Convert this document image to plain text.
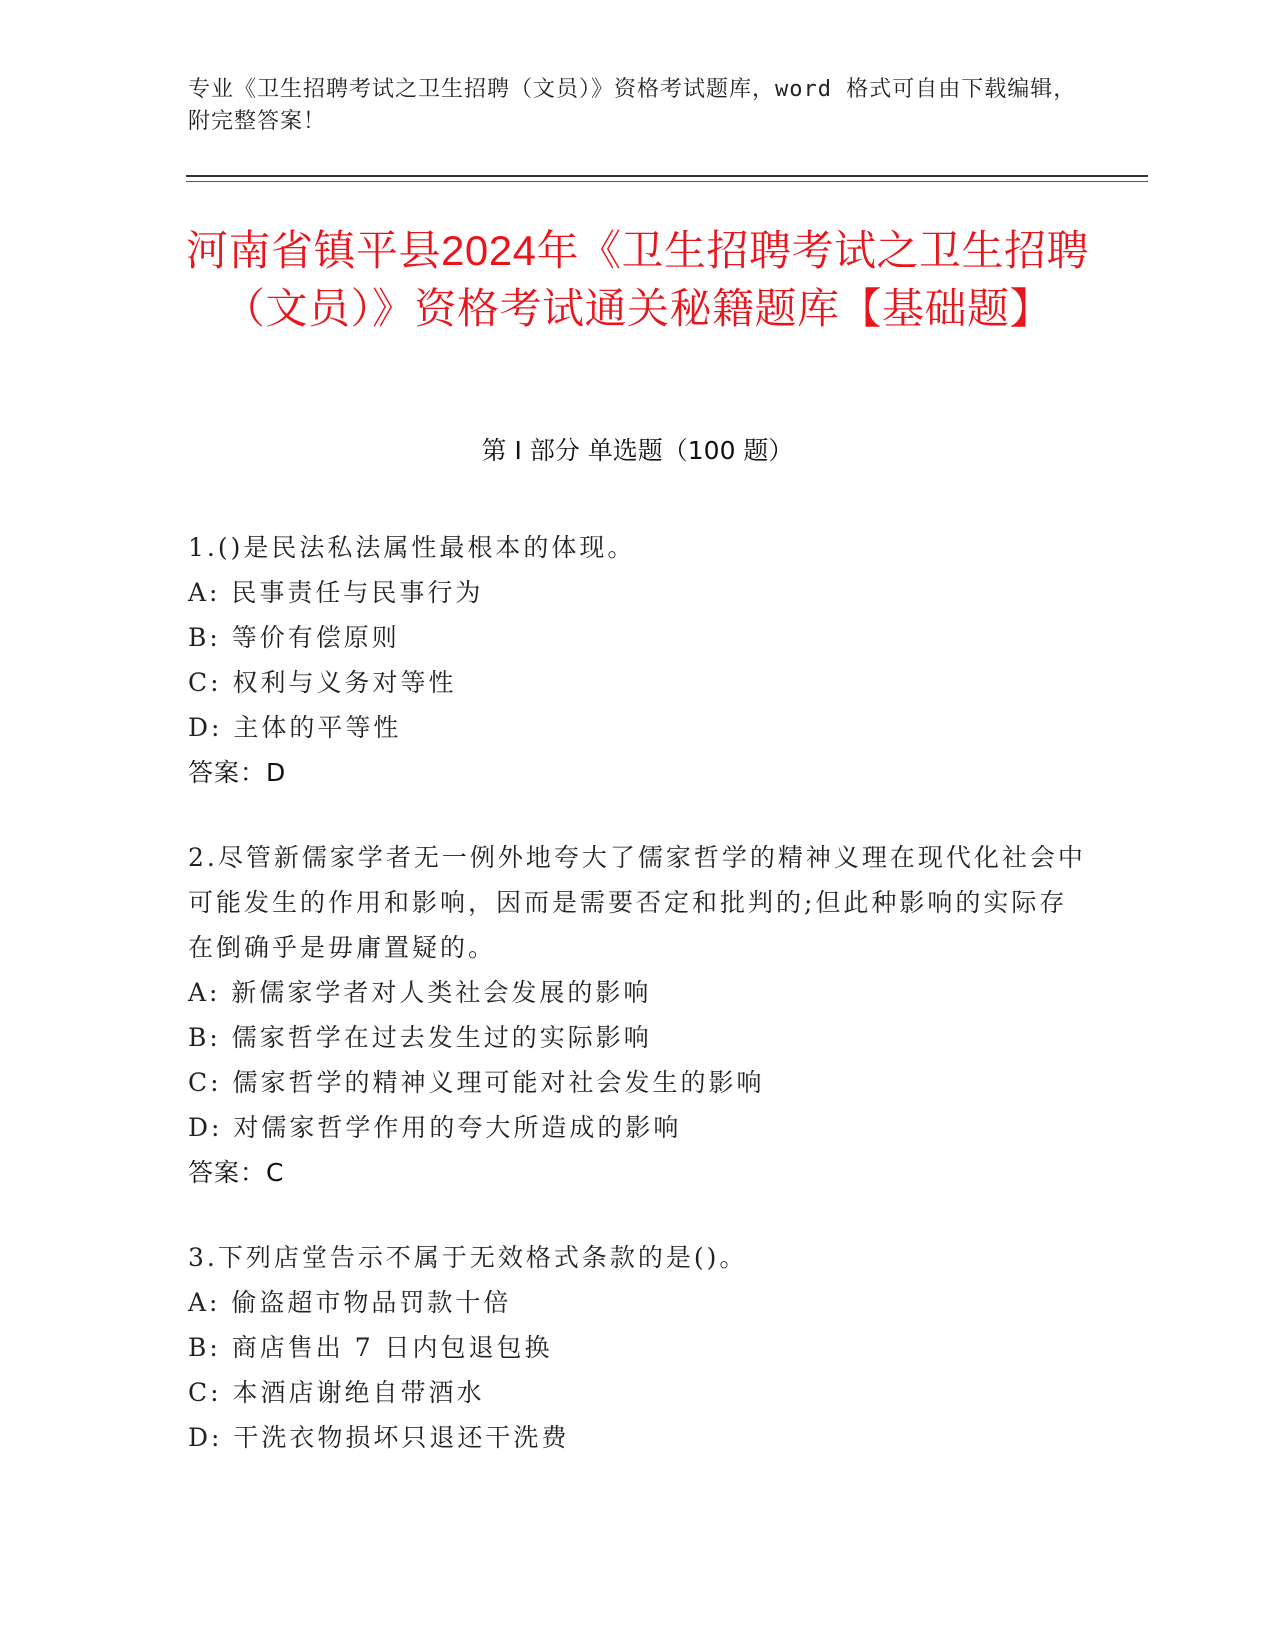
专业《卫生招聘考试之卫生招聘（文员）》资格考试题库，word 格式可自由下载编辑，附完整答案！
河南省镇平县2024年《卫生招聘考试之卫生招聘（文员）》资格考试通关秘籍题库【基础题】
第 I 部分 单选题（100 题）

1.()是民法私法属性最根本的体现。

A: 民事责任与民事行为

B: 等价有偿原则

C: 权利与义务对等性

D: 主体的平等性

答案：D

2.尽管新儒家学者无一例外地夸大了儒家哲学的精神义理在现代化社会中可能发生的作用和影响，因而是需要否定和批判的;但此种影响的实际存在倒确乎是毋庸置疑的。

A: 新儒家学者对人类社会发展的影响

B: 儒家哲学在过去发生过的实际影响

C: 儒家哲学的精神义理可能对社会发生的影响

D: 对儒家哲学作用的夸大所造成的影响

答案：C

3.下列店堂告示不属于无效格式条款的是()。

A: 偷盗超市物品罚款十倍

B: 商店售出 7 日内包退包换

C: 本酒店谢绝自带酒水

D: 干洗衣物损坏只退还干洗费
